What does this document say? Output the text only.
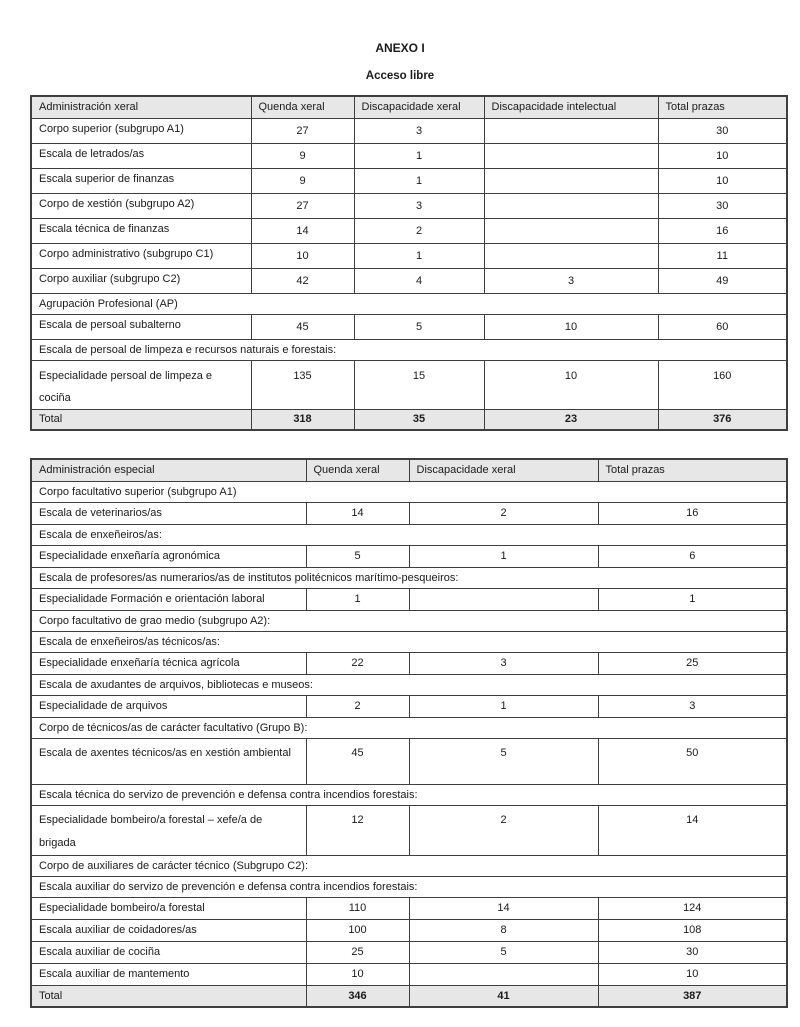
ANEXO I
Acceso libre
Administración xeral	Quenda xeral	Discapacidade xeral	Discapacidade intelectual	Total prazas
Corpo superior (subgrupo A1)	27	3		30
Escala de letrados/as	9	1		10
Escala superior de finanzas	9	1		10
Corpo de xestión (subgrupo A2)	27	3		30
Escala técnica de finanzas	14	2		16
Corpo administrativo (subgrupo C1)	10	1		11
Corpo auxiliar (subgrupo C2)	42	4	3	49
Agrupación Profesional (AP)				
Escala de persoal subalterno	45	5	10	60
Escala de persoal de limpeza e recursos naturais e forestais:				
Especialidade persoal de limpeza e cociña	135	15	10	160
Total	318	35	23	376
Administración especial	Quenda xeral	Discapacidade xeral	Total prazas
Corpo facultativo superior (subgrupo A1)			
Escala de veterinarios/as	14	2	16
Escala de enxeñeiros/as:			
Especialidade enxeñaría agronómica	5	1	6
Escala de profesores/as numerarios/as de institutos politécnicos marítimo-pesqueiros:			
Especialidade Formación e orientación laboral	1		1
Corpo facultativo de grao medio (subgrupo A2):			
Escala de enxeñeiros/as técnicos/as:			
Especialidade enxeñaría técnica agrícola	22	3	25
Escala de axudantes de arquivos, bibliotecas e museos:			
Especialidade de arquivos	2	1	3
Corpo de técnicos/as de carácter facultativo (Grupo B):			
Escala de axentes técnicos/as en xestión ambiental	45	5	50
Escala técnica do servizo de prevención e defensa contra incendios forestais:			
Especialidade bombeiro/a forestal – xefe/a de brigada	12	2	14
Corpo de auxiliares de carácter técnico (Subgrupo C2):			
Escala auxiliar do servizo de prevención e defensa contra incendios forestais:			
Especialidade bombeiro/a forestal	110	14	124
Escala auxiliar de coidadores/as	100	8	108
Escala auxiliar de cociña	25	5	30
Escala auxiliar de mantemento	10		10
Total	346	41	387
